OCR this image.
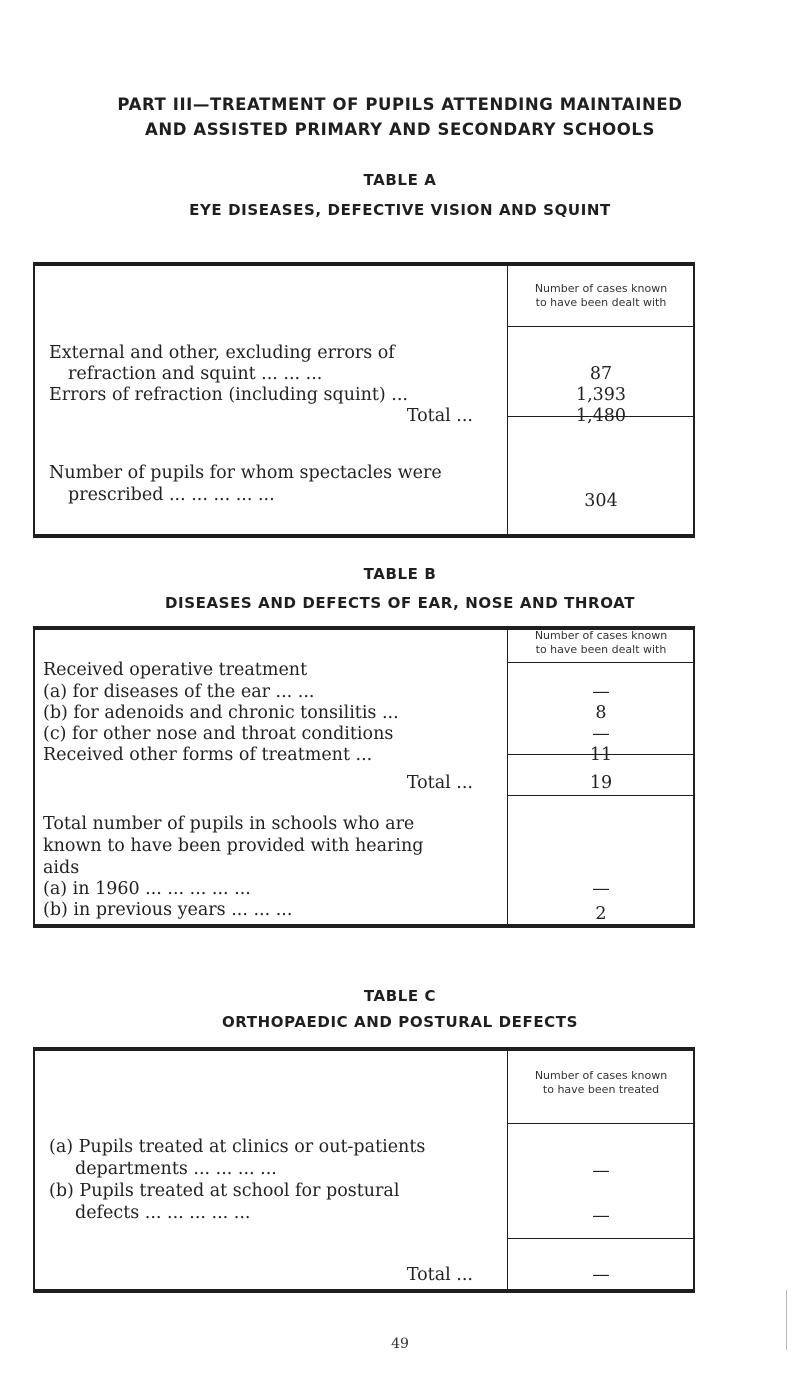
PART III—TREATMENT OF PUPILS ATTENDING MAINTAINED
AND ASSISTED PRIMARY AND SECONDARY SCHOOLS
TABLE A
EYE DISEASES, DEFECTIVE VISION AND SQUINT
Number of cases known
to have been dealt with
External and other, excluding errors of
refraction and squint ... ... ...	87
Errors of refraction (including squint) ...	1,393
Total ...	1,480
Number of pupils for whom spectacles were
prescribed ... ... ... ... ...	304
TABLE B
DISEASES AND DEFECTS OF EAR, NOSE AND THROAT
Number of cases known
to have been dealt with
Received operative treatment
(a) for diseases of the ear ... ...	—
(b) for adenoids and chronic tonsilitis ...	8
(c) for other nose and throat conditions	—
Received other forms of treatment ...	11
Total ...	19
Total number of pupils in schools who are
known to have been provided with hearing
aids
(a) in 1960 ... ... ... ... ...	—
(b) in previous years ... ... ...	2
TABLE C
ORTHOPAEDIC AND POSTURAL DEFECTS
Number of cases known
to have been treated
(a) Pupils treated at clinics or out-patients
departments ... ... ... ...	—
(b) Pupils treated at school for postural
defects ... ... ... ... ...	—
Total ...	—
49
